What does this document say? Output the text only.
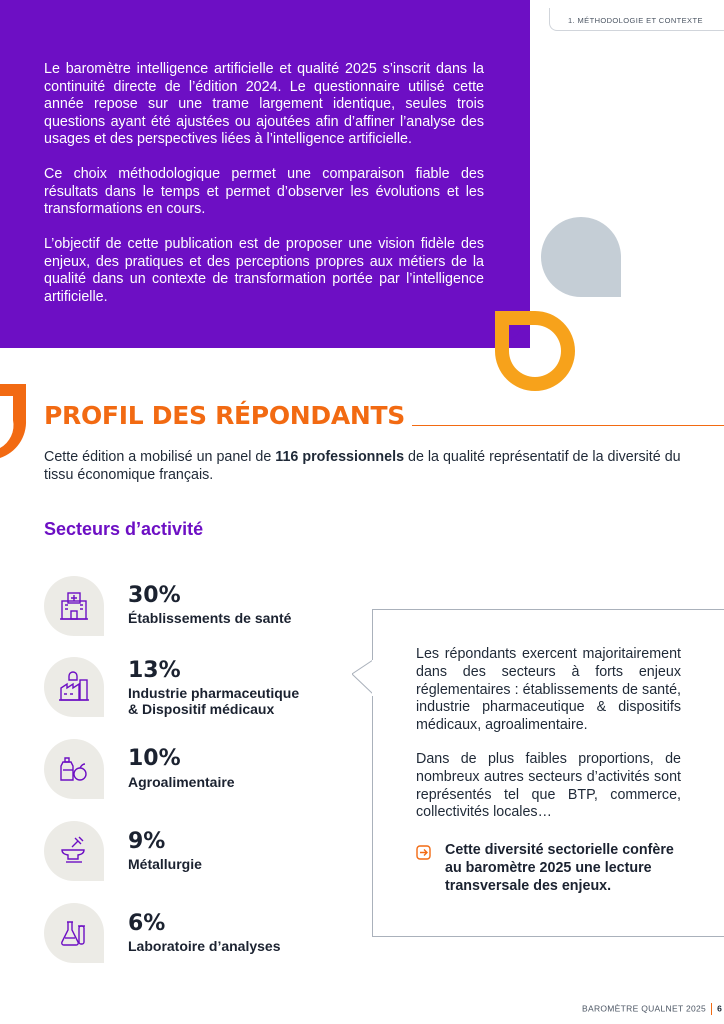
Le baromètre intelligence artificielle et qualité 2025 s’inscrit dans la continuité directe de l’édition 2024. Le questionnaire utilisé cette année repose sur une trame largement identique, seules trois questions ayant été ajustées ou ajoutées afin d’affiner l’analyse des usages et des perspectives liées à l’intelligence artificielle.

Ce choix méthodologique permet une comparaison fiable des résultats dans le temps et permet d’observer les évolutions et les transformations en cours.

L’objectif de cette publication est de proposer une vision fidèle des enjeux, des pratiques et des perceptions propres aux métiers de la qualité dans un contexte de transformation portée par l’intelligence artificielle.

1. MÉTHODOLOGIE ET CONTEXTE
PROFIL DES RÉPONDANTS

Cette édition a mobilisé un panel de 116 professionnels de la qualité représentatif de la diversité du tissu économique français.

Secteurs d’activité
30%
Établissements de santé
13%
Industrie pharmaceutique
& Dispositif médicaux
10%
Agroalimentaire
9%
Métallurgie
6%
Laboratoire d’analyses

Les répondants exercent majoritairement dans des secteurs à forts enjeux réglementaires : établissements de santé, industrie pharmaceutique & dispositifs médicaux, agroalimentaire.

Dans de plus faibles proportions, de nombreux autres secteurs d’activités sont représentés tel que BTP, commerce, collectivités locales…

Cette diversité sectorielle confère au baromètre 2025 une lecture transversale des enjeux.

BAROMÈTRE QUALNET 2025 6
